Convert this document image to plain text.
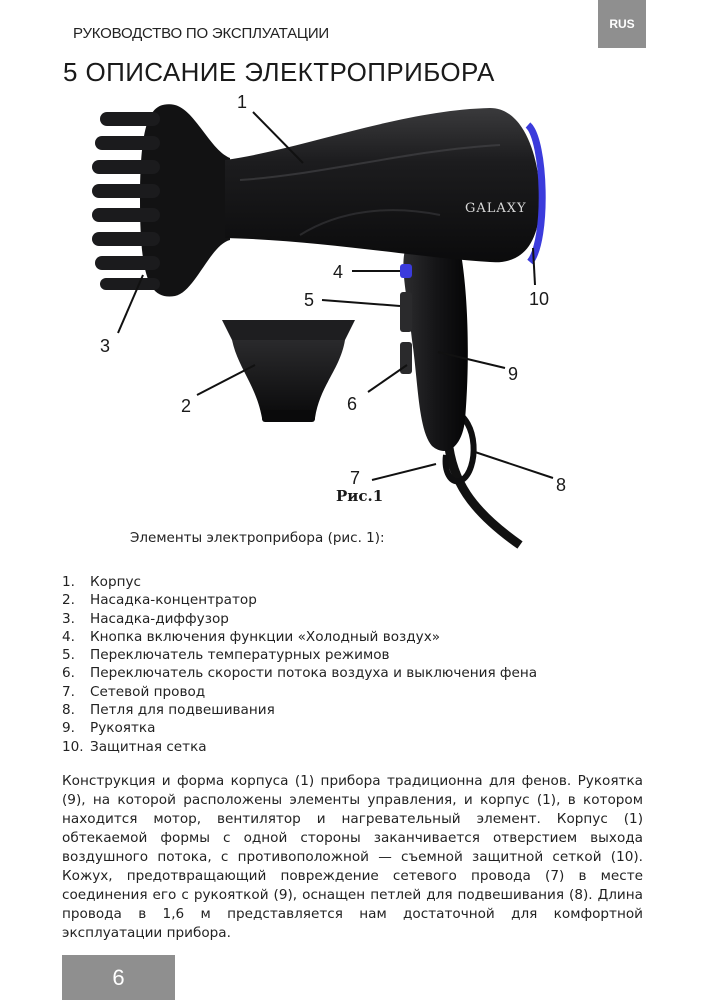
RUS
РУКОВОДСТВО ПО ЭКСПЛУАТАЦИИ
5 ОПИСАНИЕ ЭЛЕКТРОПРИБОРА
GALAXY
1
2
3
4
5
6
7	8
9
10
Рис.1
Элементы электроприбора (рис. 1):
1.	Корпус
2.	Насадка-концентратор
3.	Насадка-диффузор
4.	Кнопка включения функции «Холодный воздух»
5.	Переключатель температурных режимов
6.	Переключатель скорости потока воздуха и выключения фена
7.	Сетевой провод
8.	Петля для подвешивания
9.	Рукоятка
10. Защитная сетка

Конструкция и форма корпуса (1) прибора традиционна для фенов. Рукоятка (9), на которой расположены элементы управления, и корпус (1), в котором находится мотор, вентилятор и нагревательный элемент. Корпус (1) обтекаемой формы с одной стороны заканчивается отверстием выхода воздушного потока, с противоположной — съемной защитной сеткой (10). Кожух, предотвращающий повреждение сетевого провода (7) в месте соединения его с рукояткой (9), оснащен петлей для подвешивания (8). Длина провода в 1,6 м представляется нам достаточной для комфортной эксплуатации прибора.

6
